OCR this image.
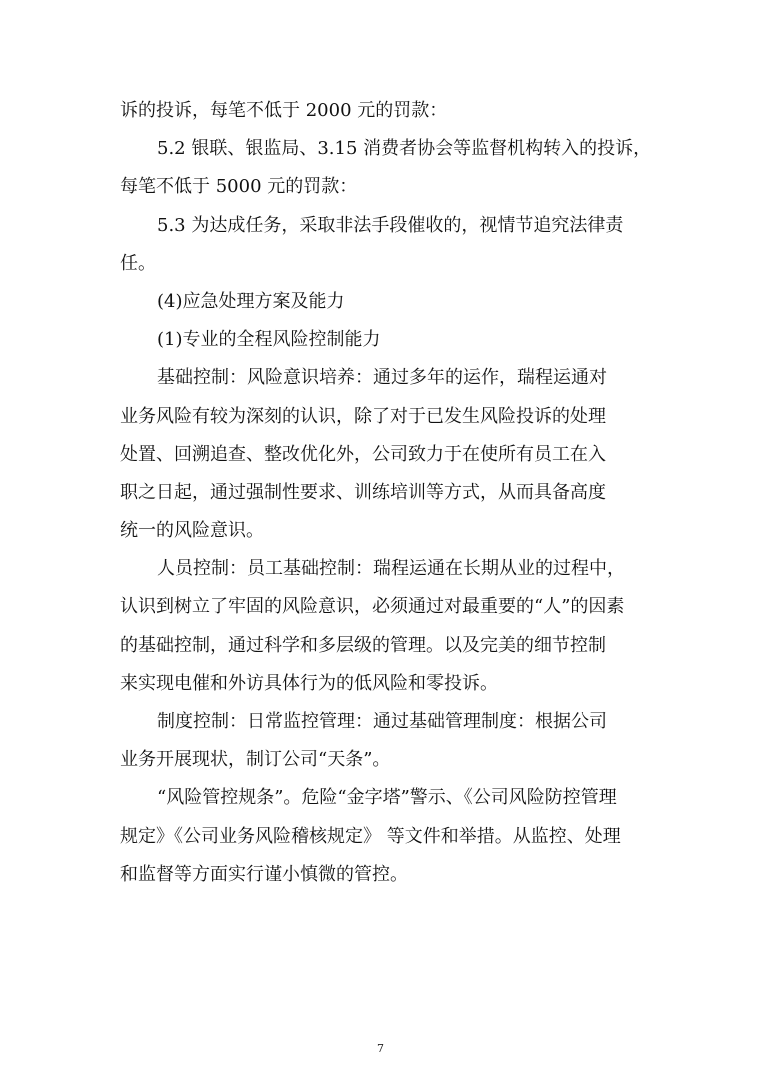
诉的投诉，每笔不低于 2000 元的罚款：
5.2 银联、银监局、3.15 消费者协会等监督机构转入的投诉，
每笔不低于 5000 元的罚款：
5.3 为达成任务，采取非法手段催收的，视情节追究法律责
任。
(4)应急处理方案及能力
(1)专业的全程风险控制能力
基础控制：风险意识培养：通过多年的运作，瑞程运通对
业务风险有较为深刻的认识，除了对于已发生风险投诉的处理
处置、回溯追查、整改优化外，公司致力于在使所有员工在入
职之日起，通过强制性要求、训练培训等方式，从而具备高度
统一的风险意识。
人员控制：员工基础控制：瑞程运通在长期从业的过程中，
认识到树立了牢固的风险意识，必须通过对最重要的“人”的因素
的基础控制，通过科学和多层级的管理。以及完美的细节控制
来实现电催和外访具体行为的低风险和零投诉。
制度控制：日常监控管理：通过基础管理制度：根据公司
业务开展现状，制订公司“天条”。
“风险管控规条”。危险“金字塔”警示、《公司风险防控管理
规定》《公司业务风险稽核规定》 等文件和举措。从监控、处理
和监督等方面实行谨小慎微的管控。
7
